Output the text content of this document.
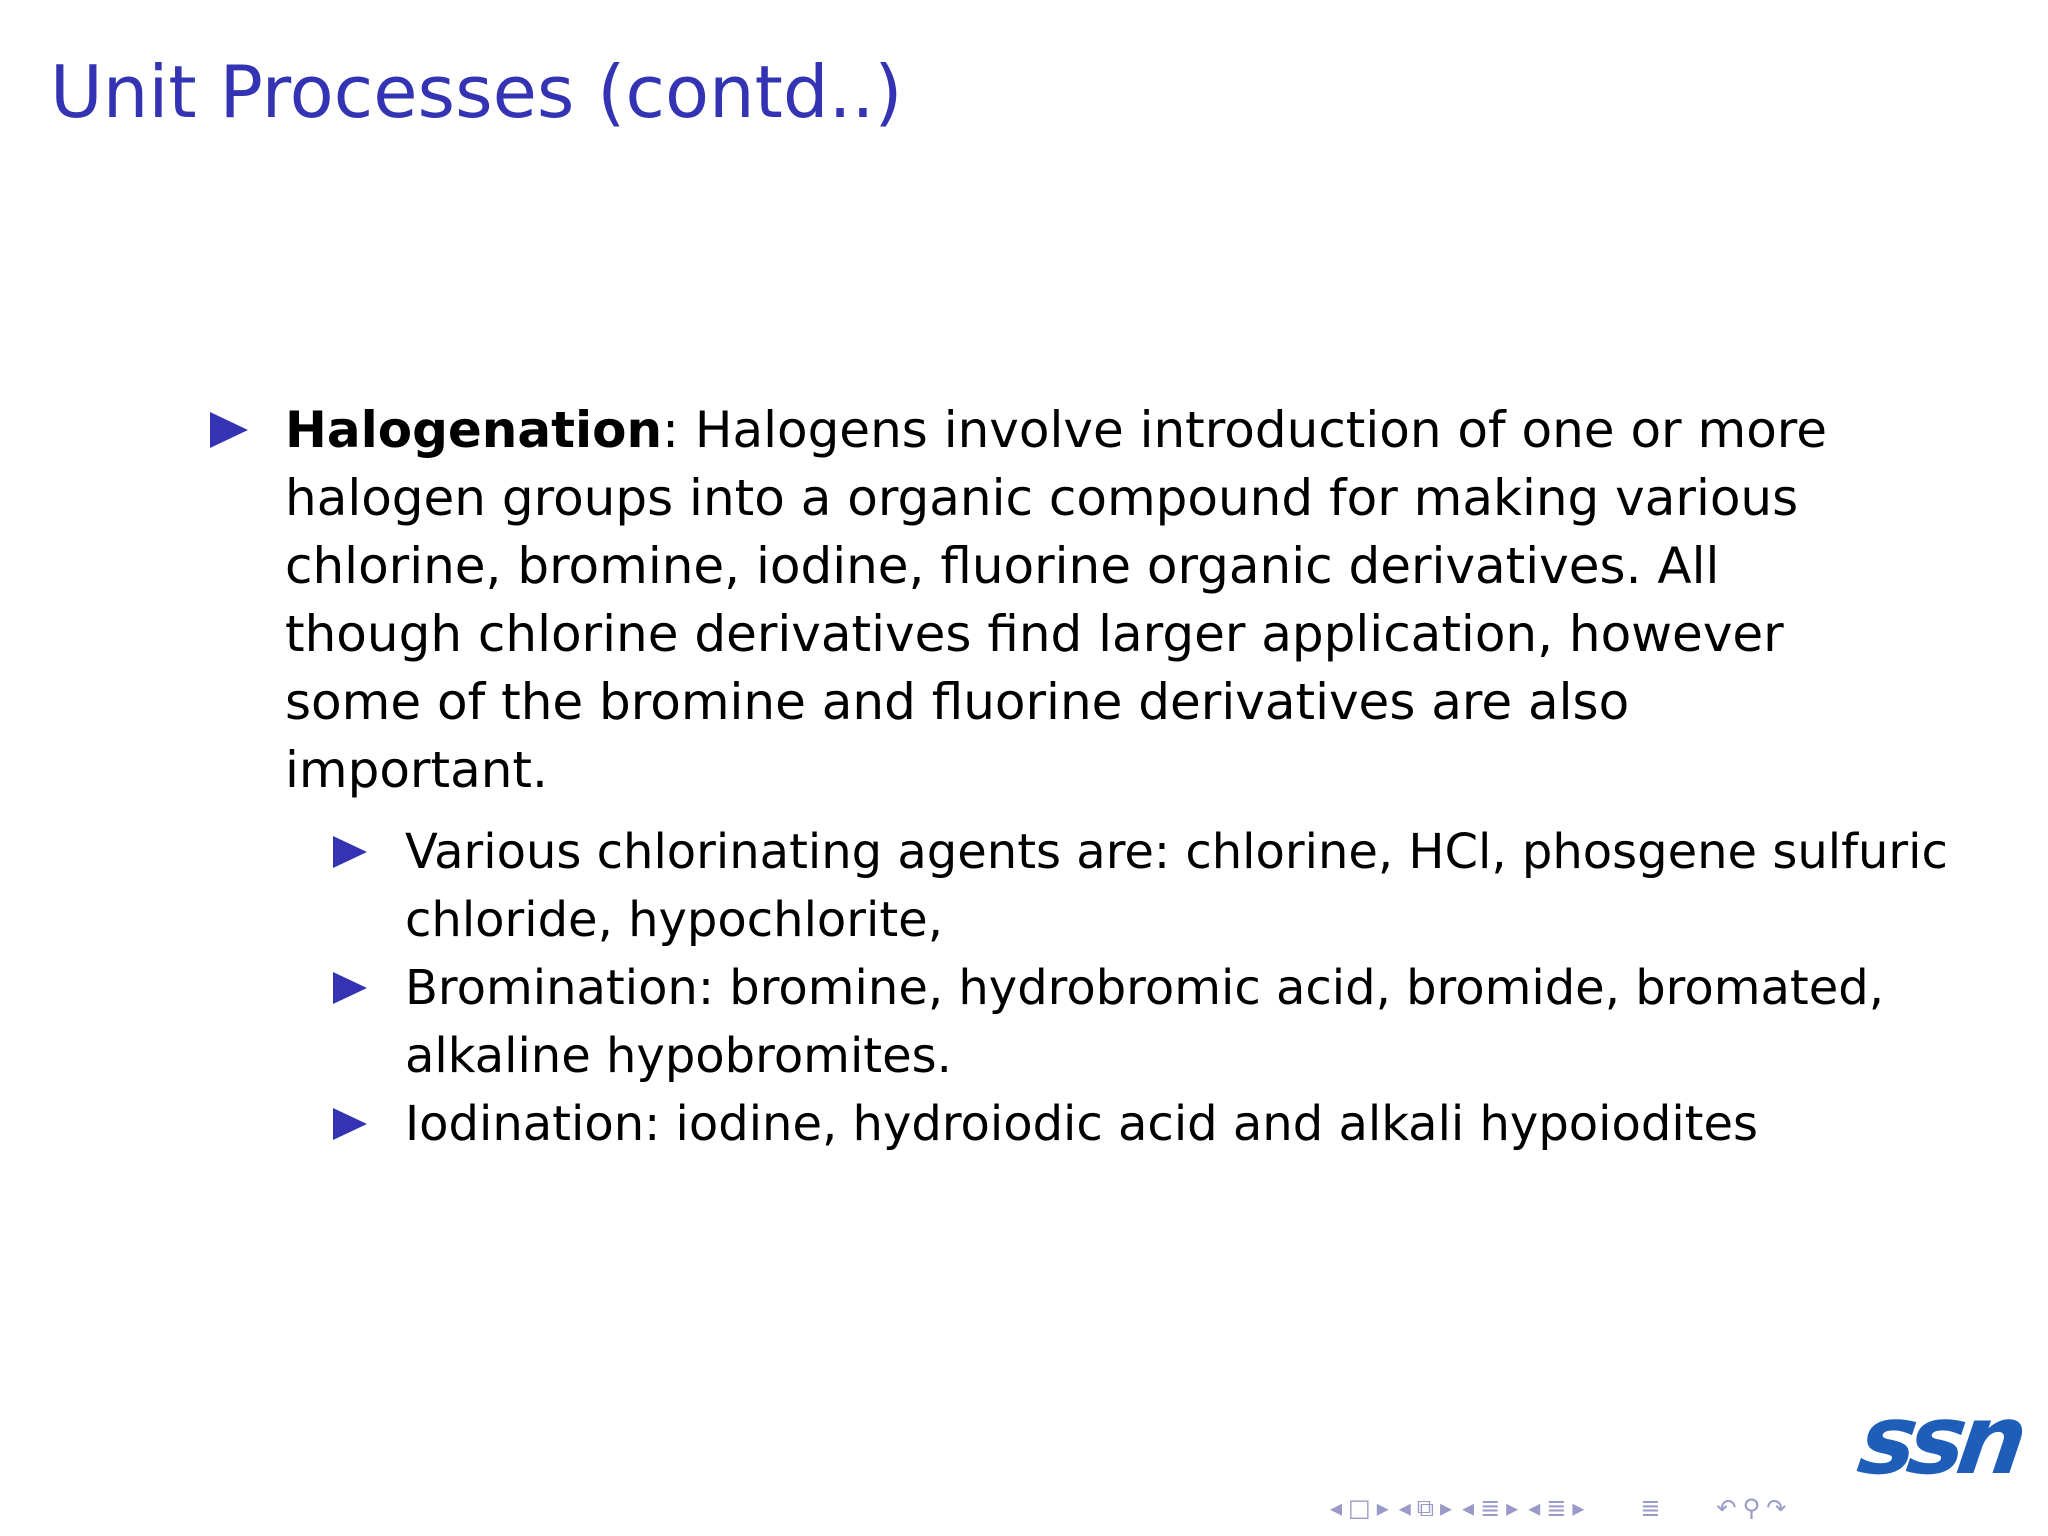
Unit Processes (contd..)
Halogenation: Halogens involve introduction of one or more halogen groups into a organic compound for making various chlorine, bromine, iodine, fluorine organic derivatives. All though chlorine derivatives find larger application, however some of the bromine and fluorine derivatives are also important.
Various chlorinating agents are: chlorine, HCl, phosgene sulfuric chloride, hypochlorite,
Bromination: bromine, hydrobromic acid, bromide, bromated, alkaline hypobromites.
Iodination: iodine, hydroiodic acid and alkali hypoiodites
ssn
◂ □ ▸ ◂ ⧉ ▸ ◂ ≣ ▸ ◂ ≣ ▸ ≣ ↶ ⚲ ↷
